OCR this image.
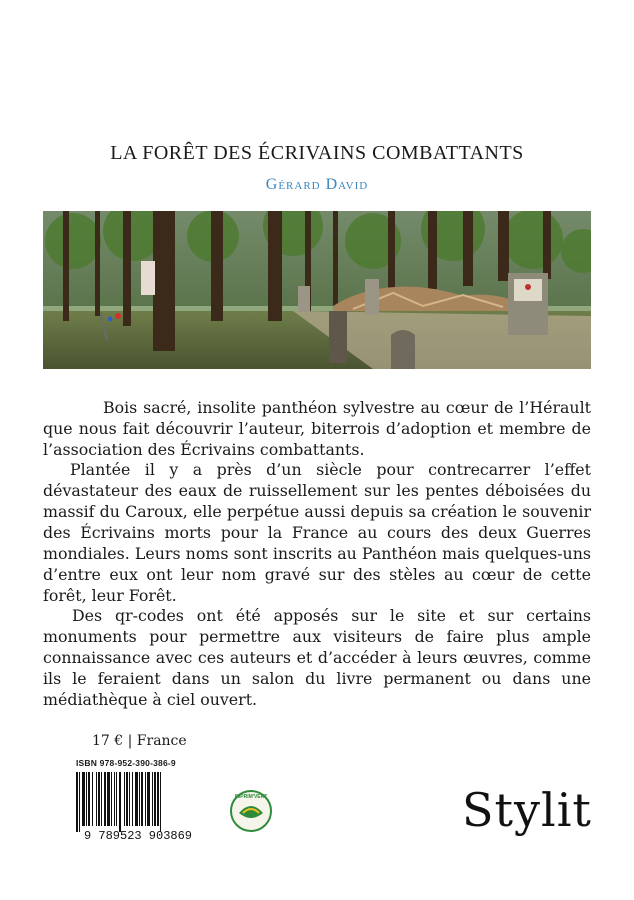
LA FORÊT DES ÉCRIVAINS COMBATTANTS
Gérard David

Bois sacré, insolite panthéon sylvestre au cœur de l’Hérault que nous fait découvrir l’auteur, biterrois d’adoption et membre de l’association des Écrivains combattants.

Plantée il y a près d’un siècle pour contrecarrer l’effet dévastateur des eaux de ruissellement sur les pentes déboisées du massif du Caroux, elle perpétue aussi depuis sa création le souvenir des Écrivains morts pour la France au cours des deux Guerres mondiales. Leurs noms sont inscrits au Panthéon mais quelques-uns d’entre eux ont leur nom gravé sur des stèles au cœur de cette forêt, leur Forêt.

Des qr-codes ont été apposés sur le site et sur certains monuments pour permettre aux visiteurs de faire plus ample connaissance avec ces auteurs et d’accéder à leurs œuvres, comme ils le feraient dans un salon du livre permanent ou dans une médiathèque à ciel ouvert.

17 € | France
ISBN 978-952-390-386-9
9 789523 903869
IMPRIM'VERT	Stylit
